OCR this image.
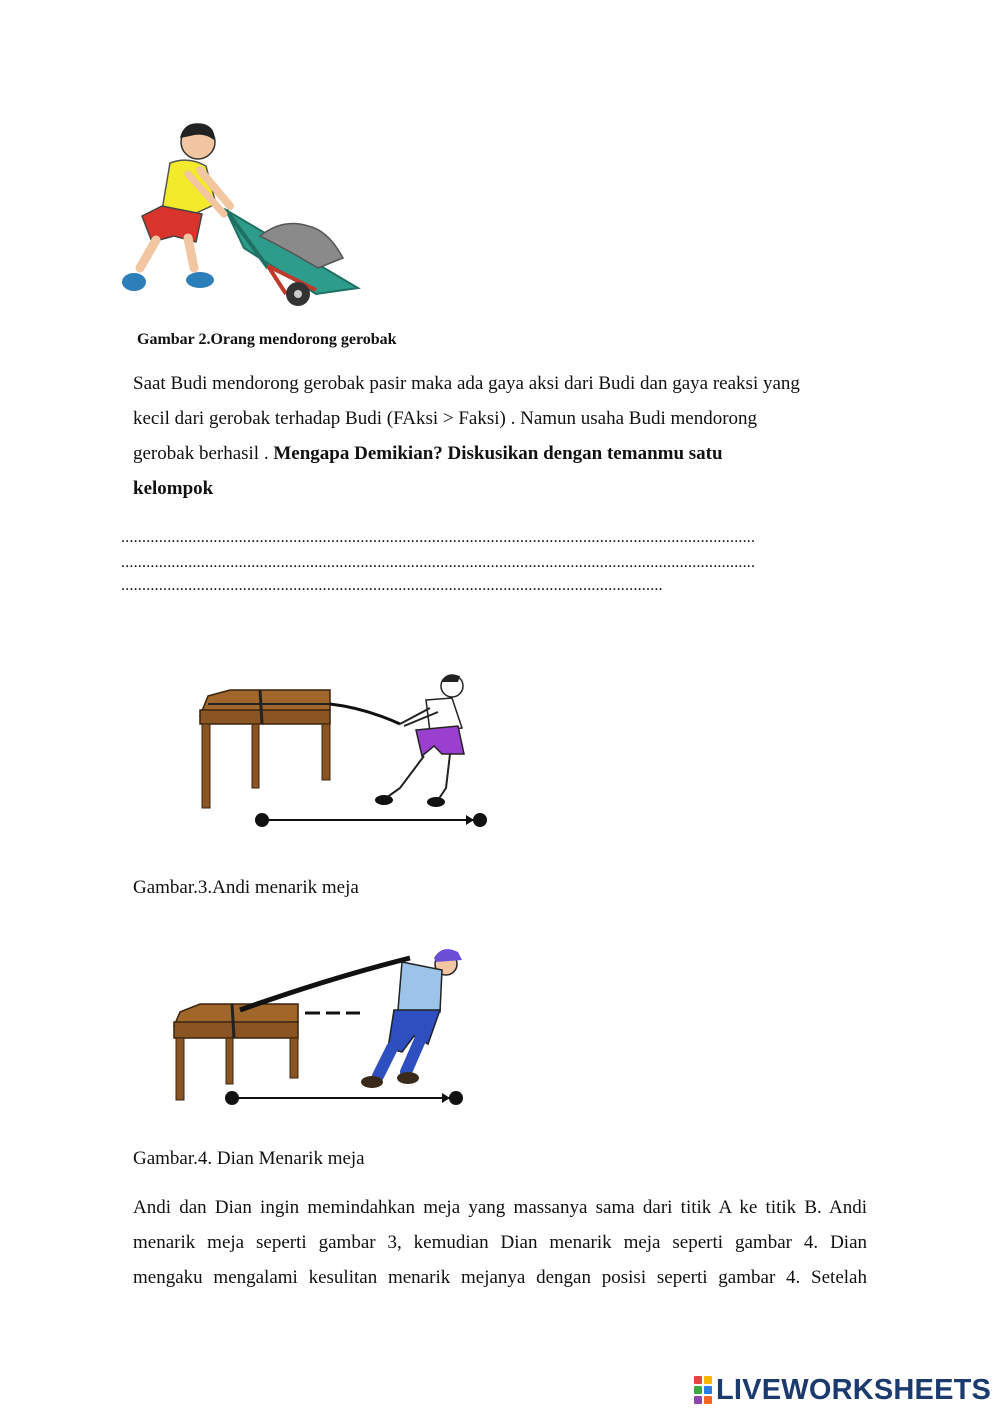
Gambar 2.Orang mendorong gerobak
Saat Budi mendorong gerobak pasir maka ada gaya aksi dari Budi dan gaya reaksi yang
kecil dari gerobak terhadap Budi (FAksi > Faksi) . Namun usaha Budi mendorong
gerobak berhasil . Mengapa Demikian? Diskusikan dengan temanmu satu
kelompok
.......................................................................................................................................................
.......................................................................................................................................................
.................................................................................................................................
Gambar.3.Andi menarik meja
Gambar.4. Dian Menarik meja
Andi dan Dian ingin memindahkan meja yang massanya sama dari titik A ke titik B. Andi
menarik meja seperti gambar 3, kemudian Dian menarik meja seperti gambar 4. Dian
mengaku mengalami kesulitan menarik mejanya dengan posisi seperti gambar 4. Setelah
LIVEWORKSHEETS
